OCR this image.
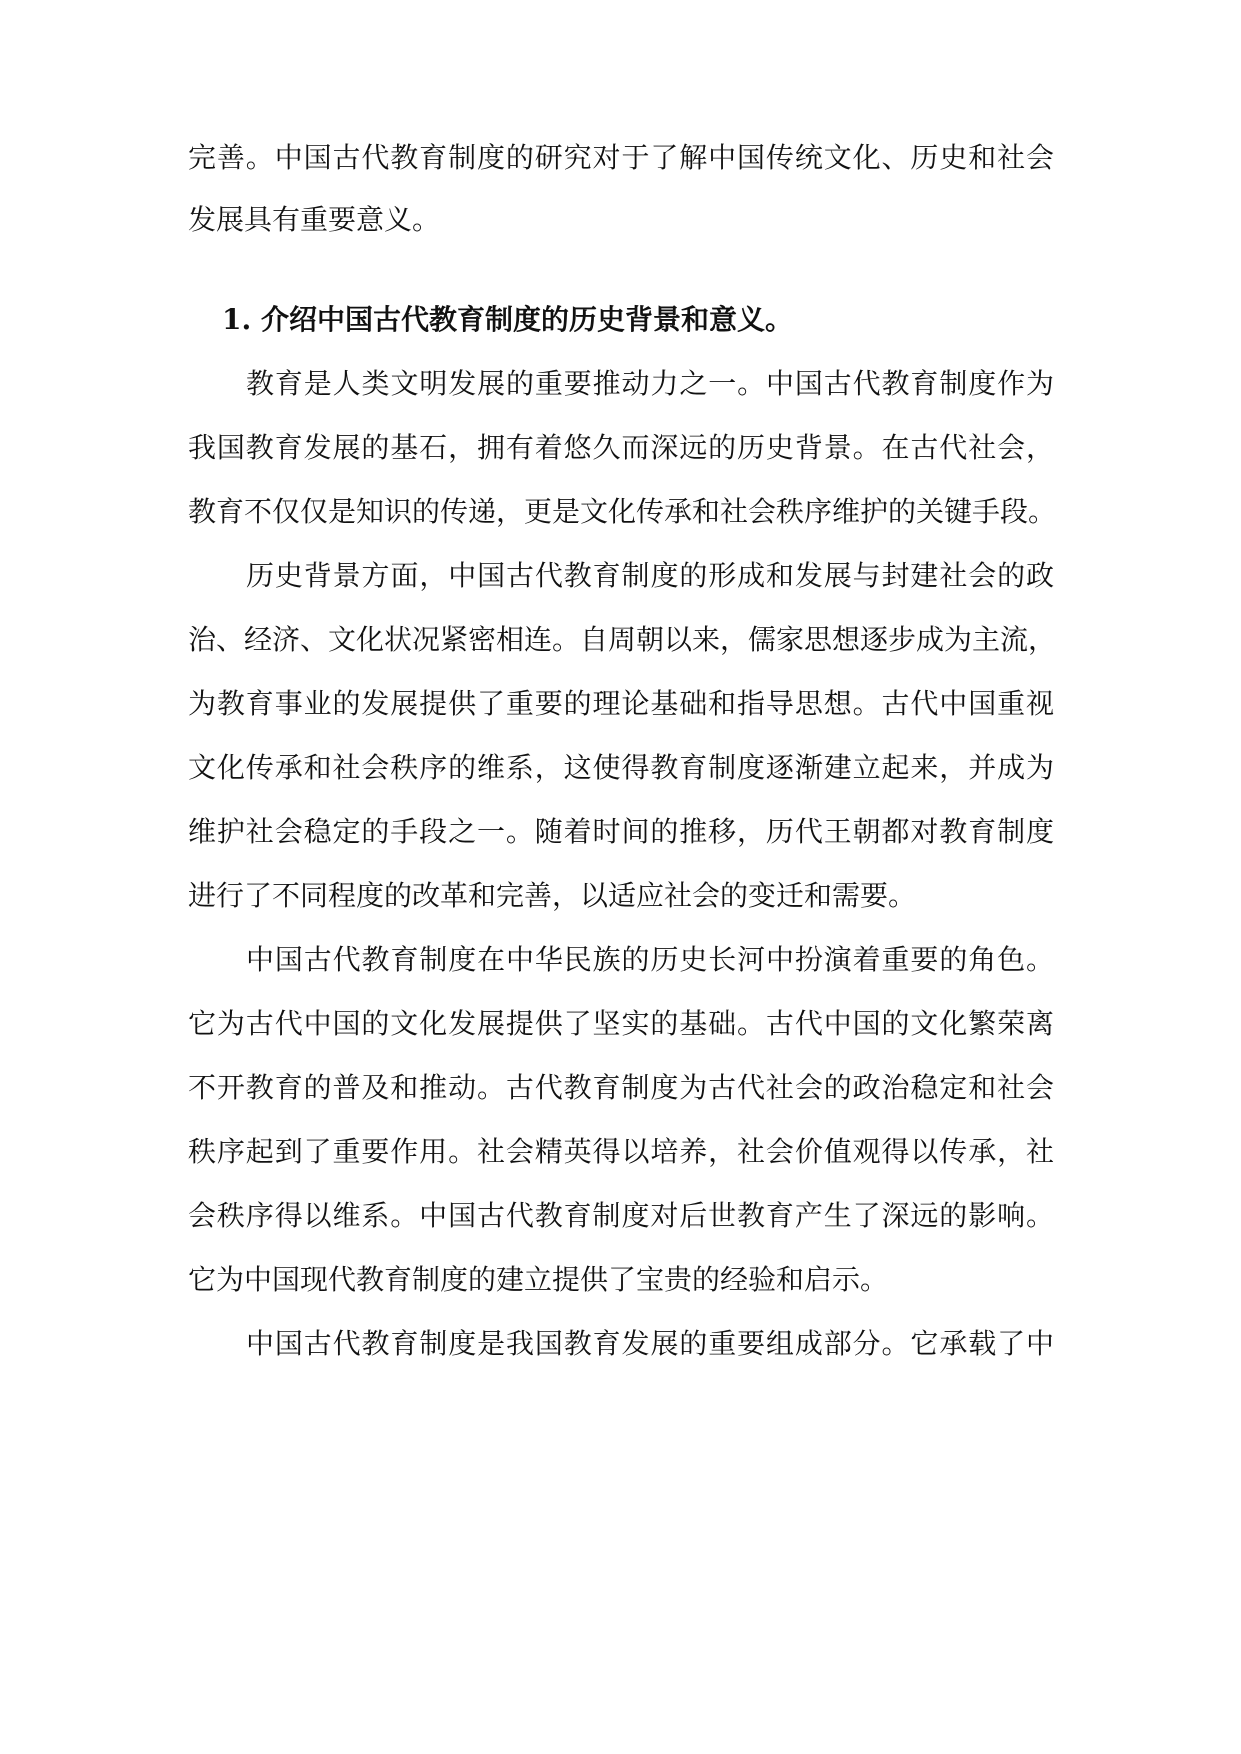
完善。中国古代教育制度的研究对于了解中国传统文化、历史和社会
发展具有重要意义。
1. 介绍中国古代教育制度的历史背景和意义。
教育是人类文明发展的重要推动力之一。中国古代教育制度作为
我国教育发展的基石，拥有着悠久而深远的历史背景。在古代社会，
教育不仅仅是知识的传递，更是文化传承和社会秩序维护的关键手段。
历史背景方面，中国古代教育制度的形成和发展与封建社会的政
治、经济、文化状况紧密相连。自周朝以来，儒家思想逐步成为主流，
为教育事业的发展提供了重要的理论基础和指导思想。古代中国重视
文化传承和社会秩序的维系，这使得教育制度逐渐建立起来，并成为
维护社会稳定的手段之一。随着时间的推移，历代王朝都对教育制度
进行了不同程度的改革和完善，以适应社会的变迁和需要。
中国古代教育制度在中华民族的历史长河中扮演着重要的角色。
它为古代中国的文化发展提供了坚实的基础。古代中国的文化繁荣离
不开教育的普及和推动。古代教育制度为古代社会的政治稳定和社会
秩序起到了重要作用。社会精英得以培养，社会价值观得以传承，社
会秩序得以维系。中国古代教育制度对后世教育产生了深远的影响。
它为中国现代教育制度的建立提供了宝贵的经验和启示。
中国古代教育制度是我国教育发展的重要组成部分。它承载了中
